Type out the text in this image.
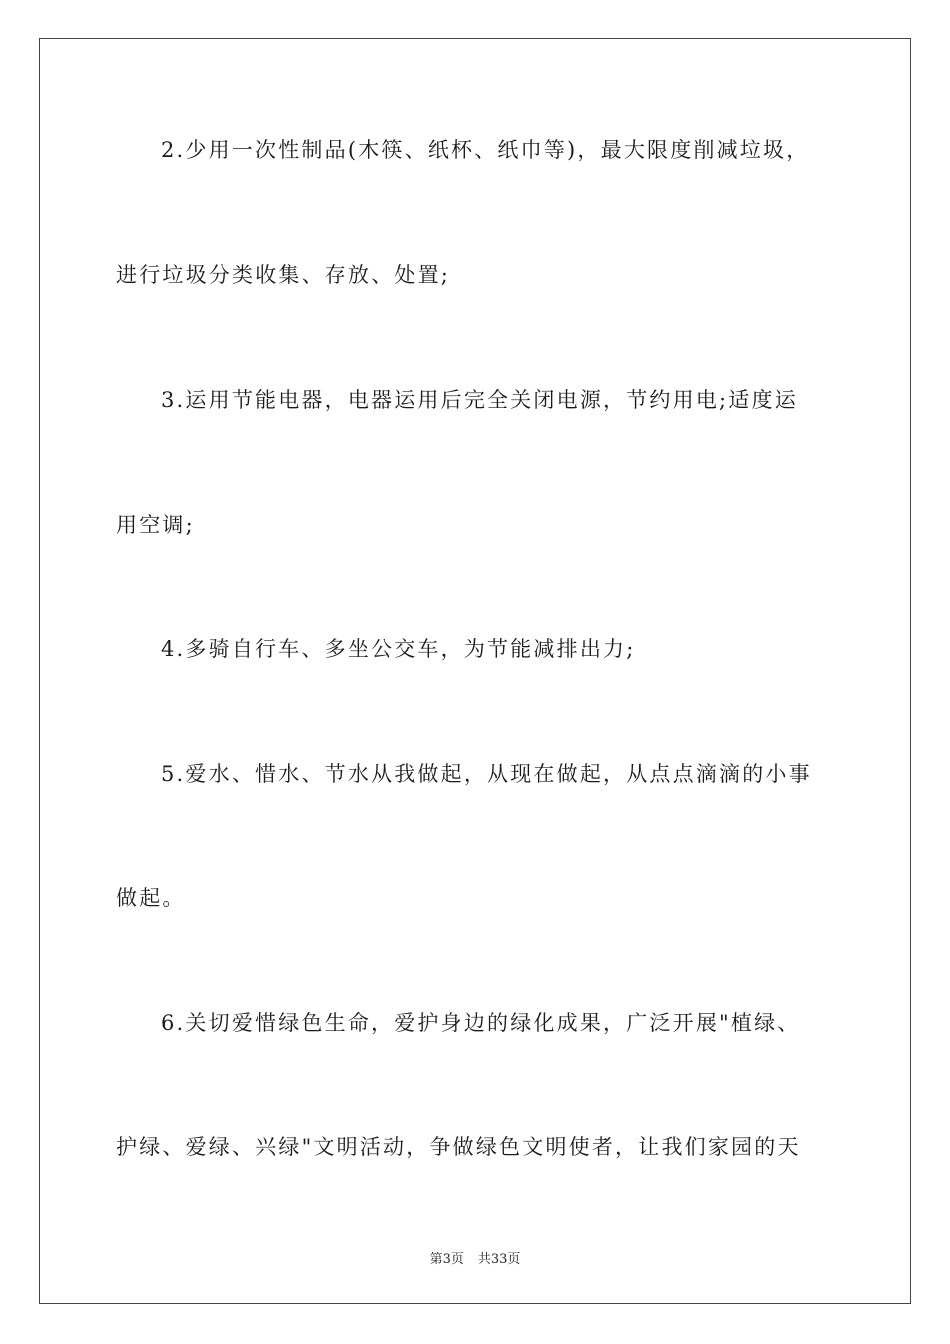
2.少用一次性制品(木筷、纸杯、纸巾等)，最大限度削减垃圾，
进行垃圾分类收集、存放、处置;
3.运用节能电器，电器运用后完全关闭电源，节约用电;适度运
用空调;
4.多骑自行车、多坐公交车，为节能减排出力;
5.爱水、惜水、节水从我做起，从现在做起，从点点滴滴的小事
做起。
6.关切爱惜绿色生命，爱护身边的绿化成果，广泛开展"植绿、
护绿、爱绿、兴绿"文明活动，争做绿色文明使者，让我们家园的天
第3页 共33页
